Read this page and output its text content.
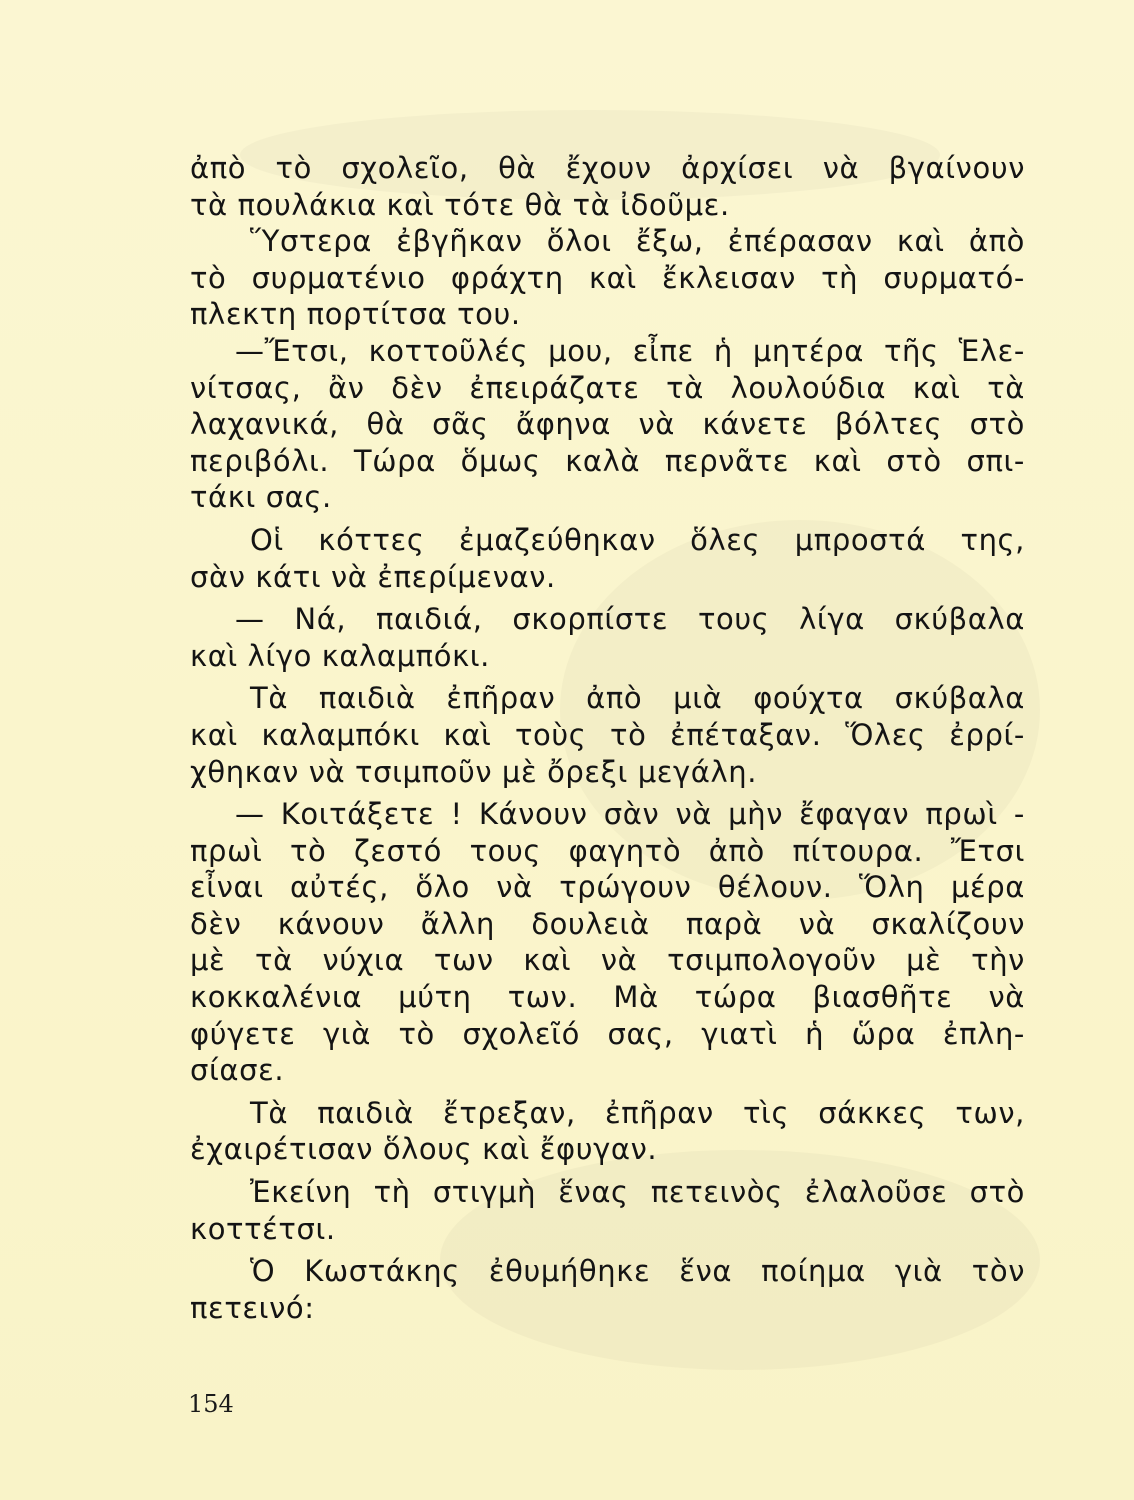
ἀπὸ τὸ σχολεῖο, θὰ ἔχουν ἀρχίσει νὰ βγαίνουν
τὰ πουλάκια καὶ τότε θὰ τὰ ἰδοῦμε.
Ὕστερα ἐβγῆκαν ὅλοι ἔξω, ἐπέρασαν καὶ ἀπὸ
τὸ συρματένιο φράχτη καὶ ἔκλεισαν τὴ συρματό-
πλεκτη πορτίτσα του.
—Ἔτσι, κοττοῦλές μου, εἶπε ἡ μητέρα τῆς Ἑλε-
νίτσας, ἂν δὲν ἐπειράζατε τὰ λουλούδια καὶ τὰ
λαχανικά, θὰ σᾶς ἄφηνα νὰ κάνετε βόλτες στὸ
περιβόλι. Τώρα ὅμως καλὰ περνᾶτε καὶ στὸ σπι-
τάκι σας.
Οἱ κόττες ἐμαζεύθηκαν ὅλες μπροστά της,
σὰν κάτι νὰ ἐπερίμεναν.
— Νά, παιδιά, σκορπίστε τους λίγα σκύβαλα
καὶ λίγο καλαμπόκι.
Τὰ παιδιὰ ἐπῆραν ἀπὸ μιὰ φούχτα σκύβαλα
καὶ καλαμπόκι καὶ τοὺς τὸ ἐπέταξαν. Ὅλες ἐρρί-
χθηκαν νὰ τσιμποῦν μὲ ὄρεξι μεγάλη.
— Κοιτάξετε ! Κάνουν σὰν νὰ μὴν ἔφαγαν πρωὶ -
πρωὶ τὸ ζεστό τους φαγητὸ ἀπὸ πίτουρα. Ἔτσι
εἶναι αὐτές, ὅλο νὰ τρώγουν θέλουν. Ὅλη μέρα
δὲν κάνουν ἄλλη δουλειὰ παρὰ νὰ σκαλίζουν
μὲ τὰ νύχια των καὶ νὰ τσιμπολογοῦν μὲ τὴν
κοκκαλένια μύτη των. Μὰ τώρα βιασθῆτε νὰ
φύγετε γιὰ τὸ σχολεῖό σας, γιατὶ ἡ ὥρα ἐπλη-
σίασε.
Τὰ παιδιὰ ἔτρεξαν, ἐπῆραν τὶς σάκκες των,
ἐχαιρέτισαν ὅλους καὶ ἔφυγαν.
Ἐκείνη τὴ στιγμὴ ἕνας πετεινὸς ἐλαλοῦσε στὸ
κοττέτσι.
Ὁ Κωστάκης ἐθυμήθηκε ἕνα ποίημα γιὰ τὸν
πετεινό:
154
